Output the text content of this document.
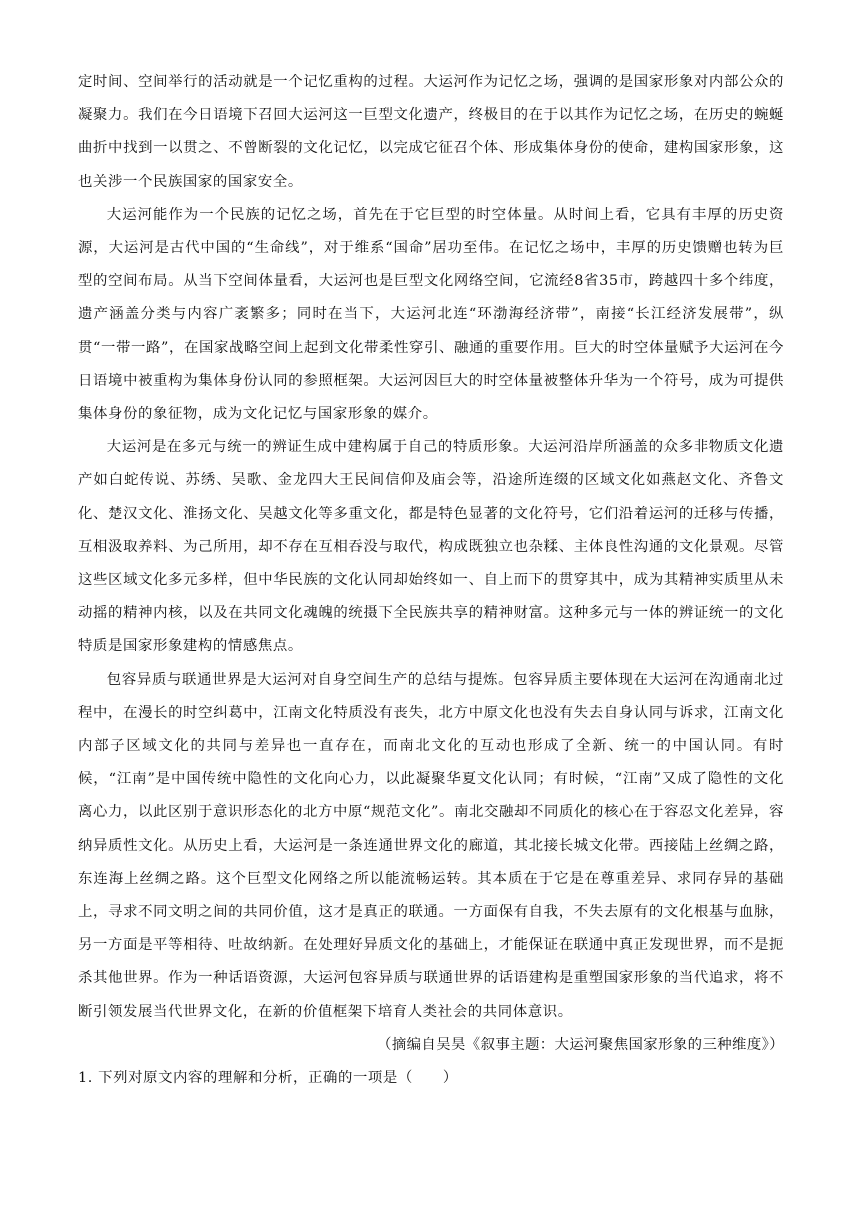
定时间、空间举行的活动就是一个记忆重构的过程。大运河作为记忆之场，强调的是国家形象对内部公众的凝聚力。我们在今日语境下召回大运河这一巨型文化遗产，终极目的在于以其作为记忆之场，在历史的蜿蜒曲折中找到一以贯之、不曾断裂的文化记忆，以完成它征召个体、形成集体身份的使命，建构国家形象，这也关涉一个民族国家的国家安全。

大运河能作为一个民族的记忆之场，首先在于它巨型的时空体量。从时间上看，它具有丰厚的历史资源，大运河是古代中国的“生命线”，对于维系“国命”居功至伟。在记忆之场中，丰厚的历史馈赠也转为巨型的空间布局。从当下空间体量看，大运河也是巨型文化网络空间，它流经8省35市，跨越四十多个纬度，遗产涵盖分类与内容广袤繁多；同时在当下，大运河北连“环渤海经济带”，南接“长江经济发展带”，纵贯“一带一路”，在国家战略空间上起到文化带柔性穿引、融通的重要作用。巨大的时空体量赋予大运河在今日语境中被重构为集体身份认同的参照框架。大运河因巨大的时空体量被整体升华为一个符号，成为可提供集体身份的象征物，成为文化记忆与国家形象的媒介。

大运河是在多元与统一的辨证生成中建构属于自己的特质形象。大运河沿岸所涵盖的众多非物质文化遗产如白蛇传说、苏绣、吴歌、金龙四大王民间信仰及庙会等，沿途所连缀的区域文化如燕赵文化、齐鲁文化、楚汉文化、淮扬文化、吴越文化等多重文化，都是特色显著的文化符号，它们沿着运河的迁移与传播，互相汲取养料、为己所用，却不存在互相吞没与取代，构成既独立也杂糅、主体良性沟通的文化景观。尽管这些区域文化多元多样，但中华民族的文化认同却始终如一、自上而下的贯穿其中，成为其精神实质里从未动摇的精神内核，以及在共同文化魂魄的统摄下全民族共享的精神财富。这种多元与一体的辨证统一的文化特质是国家形象建构的情感焦点。

包容异质与联通世界是大运河对自身空间生产的总结与提炼。包容异质主要体现在大运河在沟通南北过程中，在漫长的时空纠葛中，江南文化特质没有丧失，北方中原文化也没有失去自身认同与诉求，江南文化内部子区域文化的共同与差异也一直存在，而南北文化的互动也形成了全新、统一的中国认同。有时候，“江南”是中国传统中隐性的文化向心力，以此凝聚华夏文化认同；有时候，“江南”又成了隐性的文化离心力，以此区别于意识形态化的北方中原“规范文化”。南北交融却不同质化的核心在于容忍文化差异，容纳异质性文化。从历史上看，大运河是一条连通世界文化的廊道，其北接长城文化带。西接陆上丝绸之路，东连海上丝绸之路。这个巨型文化网络之所以能流畅运转。其本质在于它是在尊重差异、求同存异的基础上，寻求不同文明之间的共同价值，这才是真正的联通。一方面保有自我，不失去原有的文化根基与血脉，另一方面是平等相待、吐故纳新。在处理好异质文化的基础上，才能保证在联通中真正发现世界，而不是扼杀其他世界。作为一种话语资源，大运河包容异质与联通世界的话语建构是重塑国家形象的当代追求，将不断引领发展当代世界文化，在新的价值框架下培育人类社会的共同体意识。

（摘编自吴昊《叙事主题：大运河聚焦国家形象的三种维度》）

1. 下列对原文内容的理解和分析，正确的一项是（　　）
